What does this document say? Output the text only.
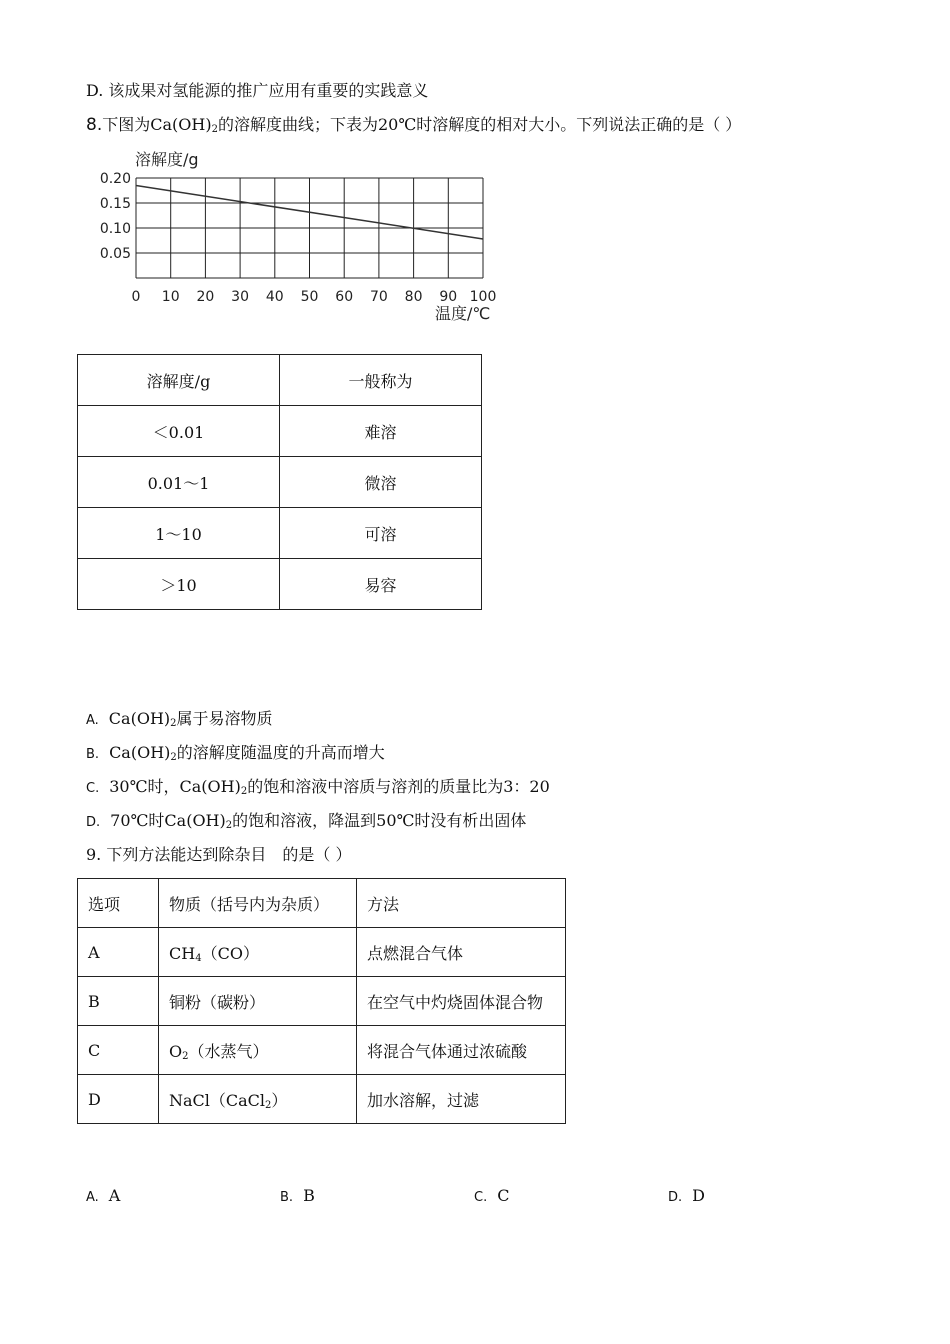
D. 该成果对氢能源的推广应用有重要的实践意义
8.下图为$Ca(OH)_2$的溶解度曲线；下表为20℃时溶解度的相对大小。下列说法正确的是（ ）
溶解度/g
温度/℃
0.20
0.15
0.10
0.05
0 10 20 30 40 50 60 70 80 90 100
溶解度/g	一般称为
＜0.01	难溶
0.01～1	微溶
1～10	可溶
＞10	易容
A. $Ca(OH)_2$属于易溶物质
B. $Ca(OH)_2$的溶解度随温度的升高而增大
C. 30℃时，$Ca(OH)_2$的饱和溶液中溶质与溶剂的质量比为3：20
D. 70℃时$Ca(OH)_2$的饱和溶液，降温到50℃时没有析出固体
9. 下列方法能达到除杂目　的是（ ）
选项	物质（括号内为杂质）	方法
A	$CH_4(CO)$	点燃混合气体
B	铜粉（碳粉）	在空气中灼烧固体混合物
C	$O_2$（水蒸气）	将混合气体通过浓硫酸
D	NaCl（CaCl$_2$）	加水溶解，过滤
A. A	B. B	C. C	D. D
